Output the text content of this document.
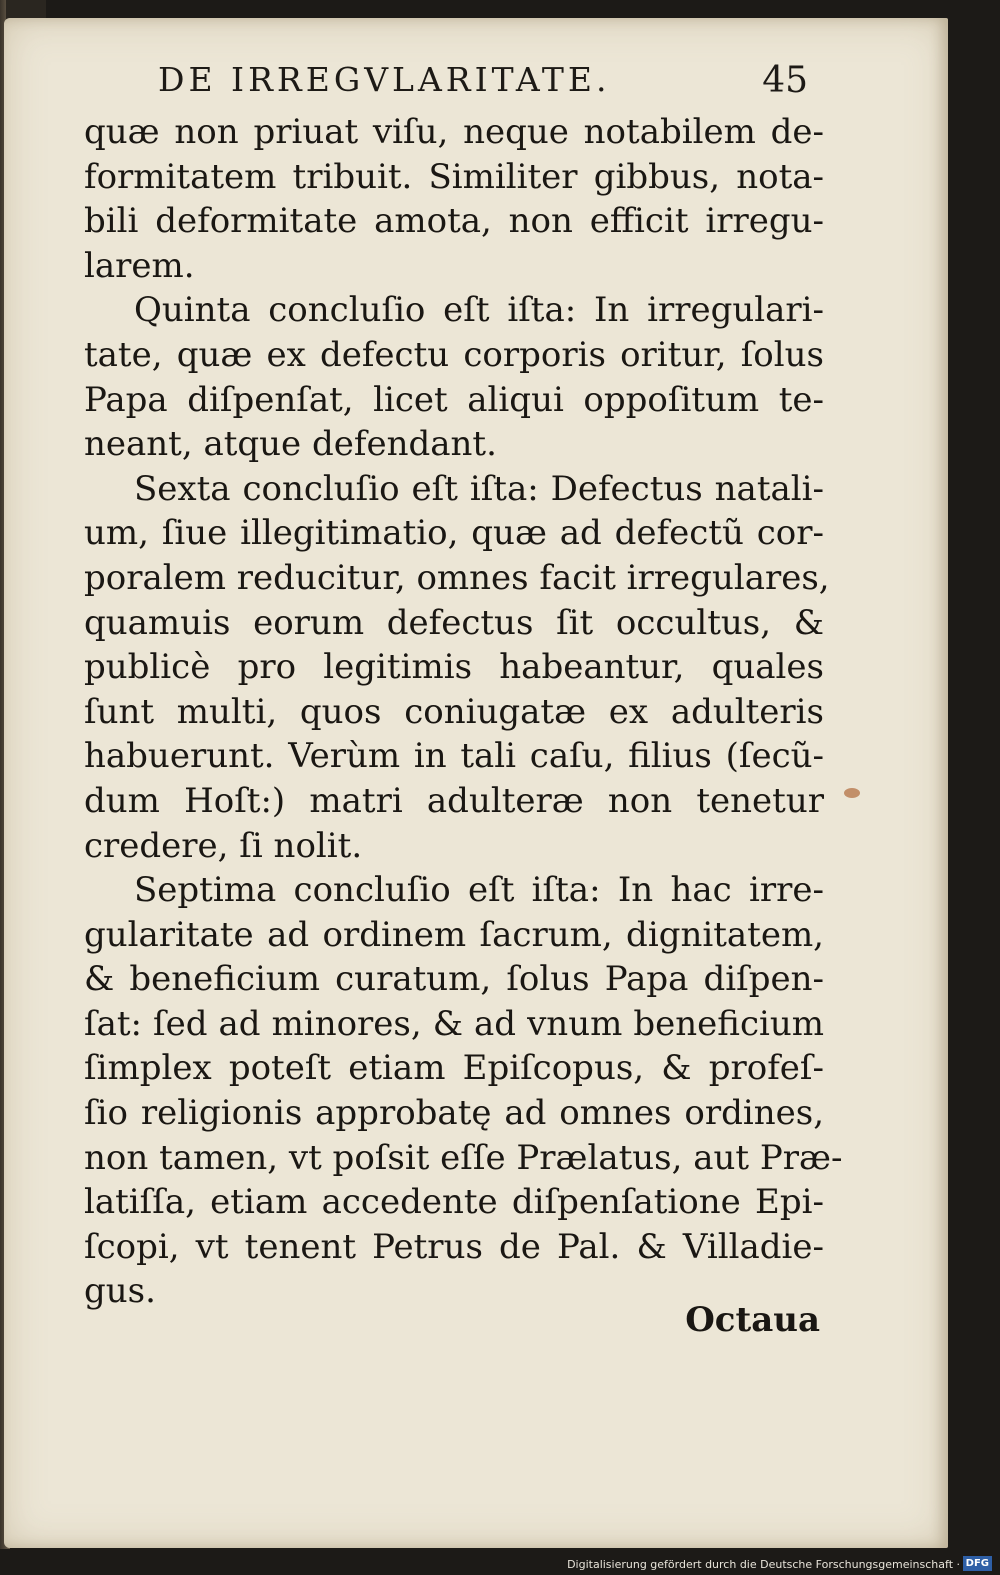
DE IRREGVLARITATE.	45
quæ non priuat viſu, neque notabilem de-
formitatem tribuit. Similiter gibbus, nota-
bili deformitate amota, non efficit irregu-
larem.
Quinta concluſio eſt iſta: In irregulari-
tate, quæ ex defectu corporis oritur, ſolus
Papa diſpenſat, licet aliqui oppoſitum te-
neant, atque defendant.
Sexta concluſio eſt iſta: Defectus natali-
um, ſiue illegitimatio, quæ ad defectũ cor-
poralem reducitur, omnes facit irregulares,
quamuis eorum defectus ſit occultus, &
publicè pro legitimis habeantur, quales
ſunt multi, quos coniugatæ ex adulteris
habuerunt. Verùm in tali caſu, filius (ſecũ-
dum Hoſt:) matri adulteræ non tenetur
credere, ſi nolit.
Septima concluſio eſt iſta: In hac irre-
gularitate ad ordinem ſacrum, dignitatem,
& beneficium curatum, ſolus Papa diſpen-
ſat: ſed ad minores, & ad vnum beneficium
ſimplex poteſt etiam Epiſcopus, & profeſ-
ſio religionis approbatę ad omnes ordines,
non tamen, vt poſsit eſſe Prælatus, aut Præ-
latiſſa, etiam accedente diſpenſatione Epi-
ſcopi, vt tenent Petrus de Pal. & Villadie-
gus.
Octaua
Digitalisierung gefördert durch die Deutsche Forschungsgemeinschaft · DFG
